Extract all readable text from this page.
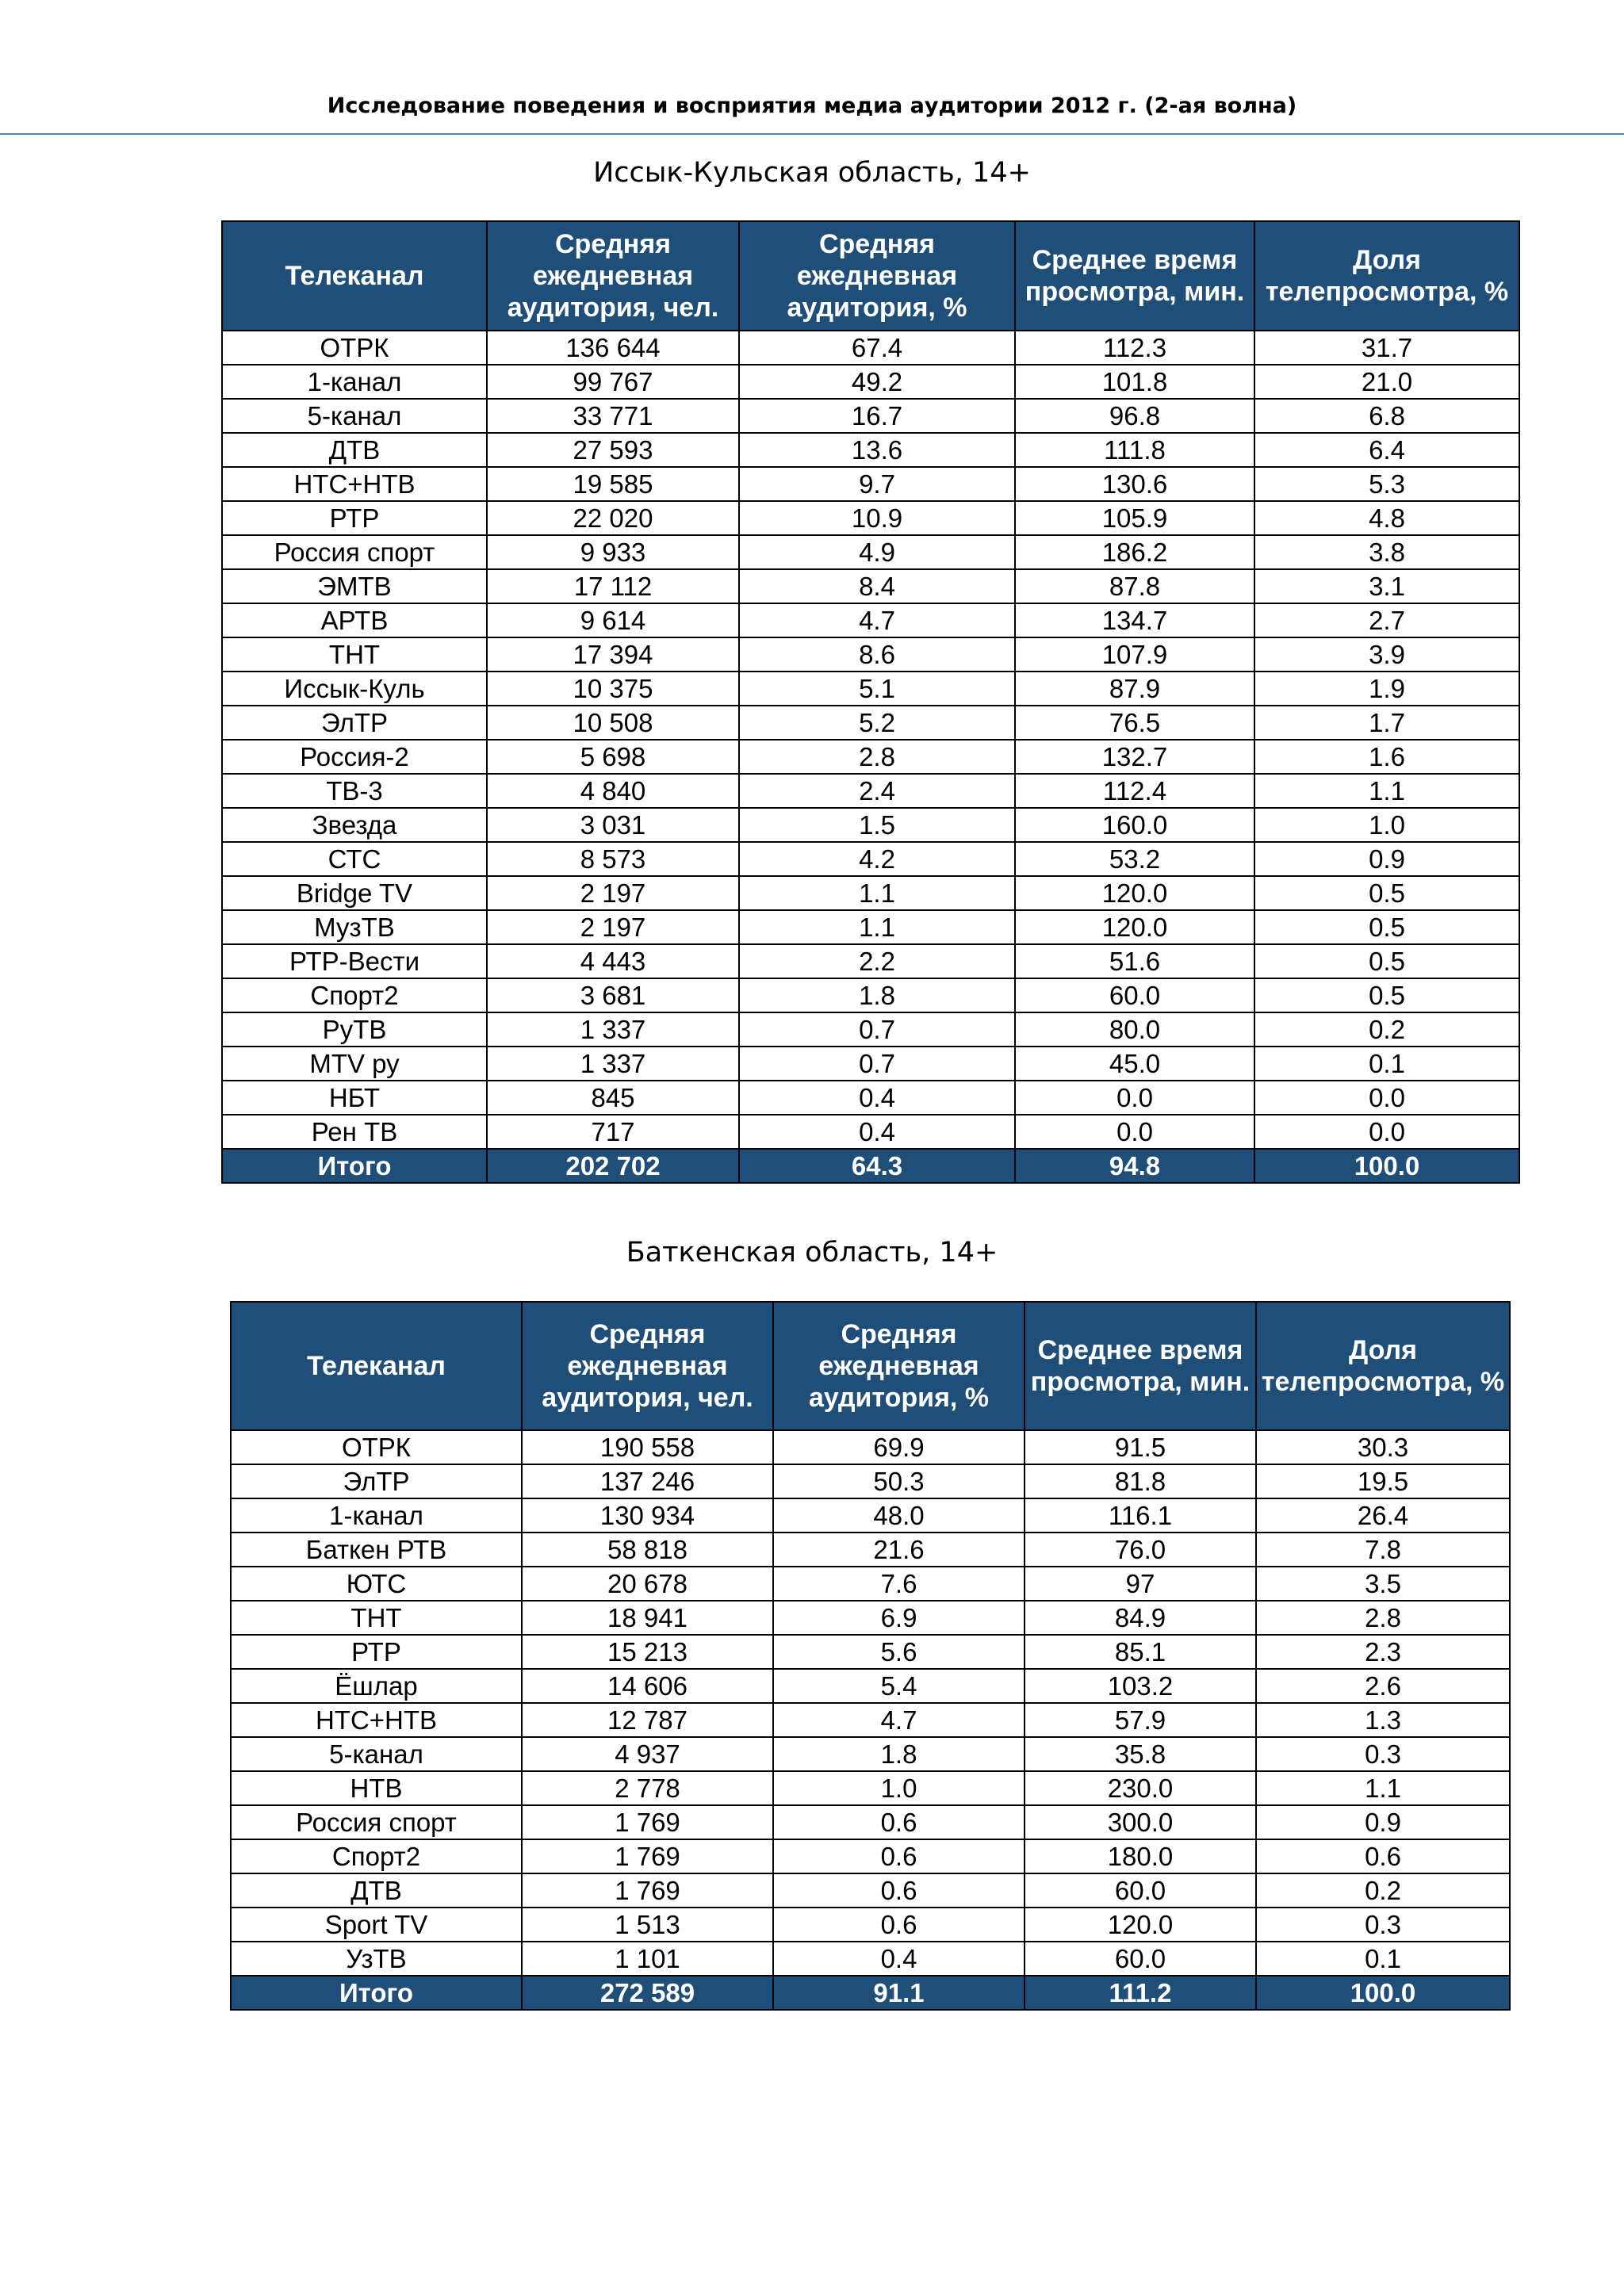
Исследование поведения и восприятия медиа аудитории 2012 г. (2-ая волна)
Иссык-Кульская область, 14+
Телеканал	Средняя ежедневная аудитория, чел.	Средняя ежедневная аудитория, %	Среднее время просмотра, мин.	Доля телепросмотра, %
ОТРК	136 644	67.4	112.3	31.7
1-канал	99 767	49.2	101.8	21.0
5-канал	33 771	16.7	96.8	6.8
ДТВ	27 593	13.6	111.8	6.4
НТС+НТВ	19 585	9.7	130.6	5.3
РТР	22 020	10.9	105.9	4.8
Россия спорт	9 933	4.9	186.2	3.8
ЭМТВ	17 112	8.4	87.8	3.1
АРТВ	9 614	4.7	134.7	2.7
ТНТ	17 394	8.6	107.9	3.9
Иссык-Куль	10 375	5.1	87.9	1.9
ЭлТР	10 508	5.2	76.5	1.7
Россия-2	5 698	2.8	132.7	1.6
ТВ-3	4 840	2.4	112.4	1.1
Звезда	3 031	1.5	160.0	1.0
СТС	8 573	4.2	53.2	0.9
Bridge TV	2 197	1.1	120.0	0.5
МузТВ	2 197	1.1	120.0	0.5
РТР-Вести	4 443	2.2	51.6	0.5
Спорт2	3 681	1.8	60.0	0.5
РуТВ	1 337	0.7	80.0	0.2
MTV ру	1 337	0.7	45.0	0.1
НБТ	845	0.4	0.0	0.0
Рен ТВ	717	0.4	0.0	0.0
Итого	202 702	64.3	94.8	100.0
Баткенская область, 14+
Телеканал	Средняя ежедневная аудитория, чел.	Средняя ежедневная аудитория, %	Среднее время просмотра, мин.	Доля телепросмотра, %
ОТРК	190 558	69.9	91.5	30.3
ЭлТР	137 246	50.3	81.8	19.5
1-канал	130 934	48.0	116.1	26.4
Баткен РТВ	58 818	21.6	76.0	7.8
ЮТС	20 678	7.6	97	3.5
ТНТ	18 941	6.9	84.9	2.8
РТР	15 213	5.6	85.1	2.3
Ёшлар	14 606	5.4	103.2	2.6
НТС+НТВ	12 787	4.7	57.9	1.3
5-канал	4 937	1.8	35.8	0.3
НТВ	2 778	1.0	230.0	1.1
Россия спорт	1 769	0.6	300.0	0.9
Спорт2	1 769	0.6	180.0	0.6
ДТВ	1 769	0.6	60.0	0.2
Sport TV	1 513	0.6	120.0	0.3
УзТВ	1 101	0.4	60.0	0.1
Итого	272 589	91.1	111.2	100.0
